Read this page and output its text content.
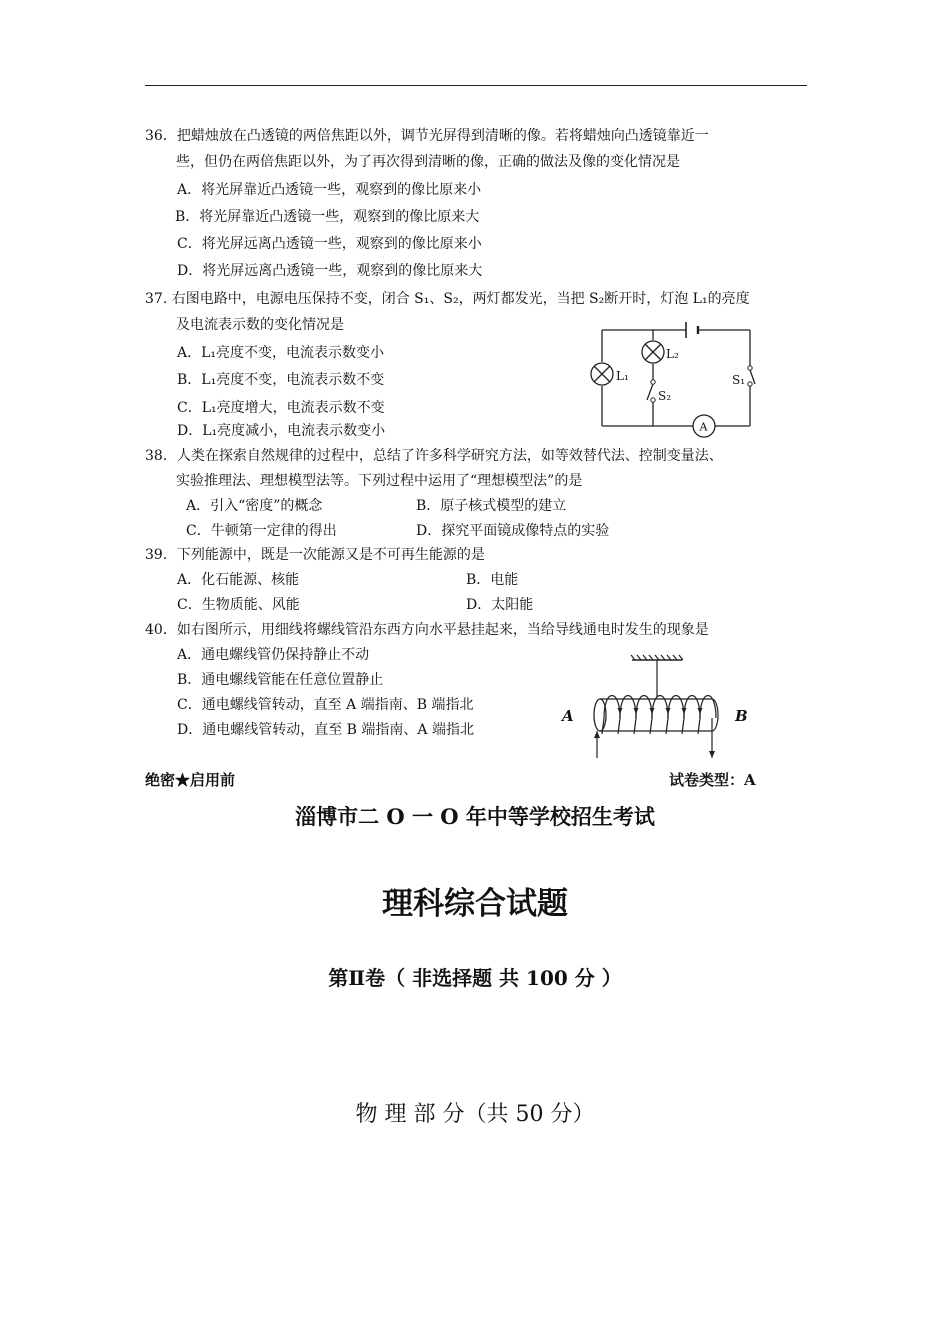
36．把蜡烛放在凸透镜的两倍焦距以外，调节光屏得到清晰的像。若将蜡烛向凸透镜靠近一
些，但仍在两倍焦距以外，为了再次得到清晰的像，正确的做法及像的变化情况是
A．将光屏靠近凸透镜一些，观察到的像比原来小
B．将光屏靠近凸透镜一些，观察到的像比原来大
C．将光屏远离凸透镜一些，观察到的像比原来小
D．将光屏远离凸透镜一些，观察到的像比原来大
37. 右图电路中，电源电压保持不变，闭合 S₁、S₂，两灯都发光，当把 S₂断开时，灯泡 L₁的亮度
及电流表示数的变化情况是
A．L₁亮度不变，电流表示数变小
B．L₁亮度不变，电流表示数不变
C．L₁亮度增大，电流表示数不变
D．L₁亮度减小，电流表示数变小
L₁
L₂
S₂
S₁
A
38．人类在探索自然规律的过程中，总结了许多科学研究方法，如等效替代法、控制变量法、
实验推理法、理想模型法等。下列过程中运用了“理想模型法”的是
A．引入“密度”的概念	B．原子核式模型的建立
C．牛顿第一定律的得出	D．探究平面镜成像特点的实验
39．下列能源中，既是一次能源又是不可再生能源的是
A．化石能源、核能	B．电能
C．生物质能、风能	D．太阳能
40．如右图所示，用细线将螺线管沿东西方向水平悬挂起来，当给导线通电时发生的现象是
A．通电螺线管仍保持静止不动
B．通电螺线管能在任意位置静止
C．通电螺线管转动，直至 A 端指南、B 端指北
D．通电螺线管转动，直至 B 端指南、A 端指北
A	B
绝密★启用前	试卷类型：A
淄博市二 O 一 O 年中等学校招生考试
理科综合试题
第Ⅱ卷（ 非选择题 共 100 分 ）
物 理 部 分（共 50 分）
